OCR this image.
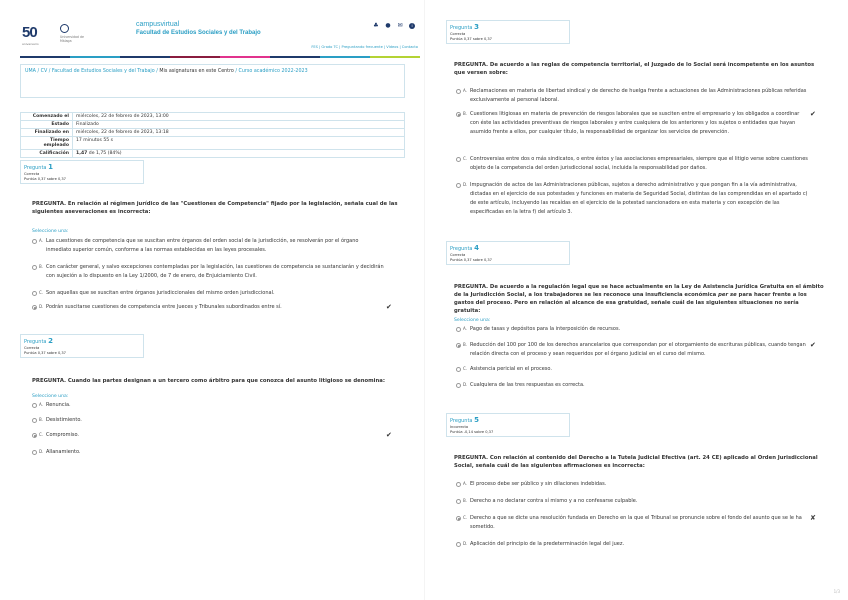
50
aniversario

Universidad de Málaga
campusvirtual
Facultad de Estudios Sociales y del Trabajo
♣ ● ✉	i
FES | Grado TC | Preguntando frecuente | Vídeos | Contacto
UMA / CV / Facultad de Estudios Sociales y del Trabajo / Mis asignaturas en este Centro / Curso académico 2022-2023
Comenzado el	miércoles, 22 de febrero de 2023, 13:00
Estado	Finalizado
Finalizado en	miércoles, 22 de febrero de 2023, 13:18
Tiempo empleado	17 minutos 55 s
Calificación	1,47 de 1,75 (84%)
Pregunta 1
Correcta
Puntúa 0,37 sobre 0,37
PREGUNTA. En relación al régimen jurídico de las "Cuestiones de Competencia" fijado por la legislación, señala cual de las siguientes aseveraciones es incorrecta:
Seleccione una:
A. Las cuestiones de competencia que se suscitan entre órganos del orden social de la jurisdicción, se resolverán por el órgano inmediato superior común, conforme a las normas establecidas en las leyes procesales.
B. Con carácter general, y salvo excepciones contempladas por la legislación, las cuestiones de competencia se sustanciarán y decidirán con sujeción a lo dispuesto en la Ley 1/2000, de 7 de enero, de Enjuiciamiento Civil.
C. Son aquellas que se suscitan entre órganos jurisdiccionales del mismo orden jurisdiccional.
D. Podrán suscitarse cuestiones de competencia entre Jueces y Tribunales subordinados entre sí.	✔
Pregunta 2
Correcta
Puntúa 0,37 sobre 0,37
PREGUNTA. Cuando las partes designan a un tercero como árbitro para que conozca del asunto litigioso se denomina:
Seleccione una:
A. Renuncia.
B. Desistimiento.
C. Compromiso.
D. Allanamiento.
✔
Pregunta 3
Correcta
Puntúa 0,37 sobre 0,37
PREGUNTA. De acuerdo a las reglas de competencia territorial, el Juzgado de lo Social será incompetente en los asuntos que versen sobre:
A. Reclamaciones en materia de libertad sindical y de derecho de huelga frente a actuaciones de las Administraciones públicas referidas exclusivamente al personal laboral.
B. Cuestiones litigiosas en materia de prevención de riesgos laborales que se susciten entre el empresario y los obligados a coordinar con éste las actividades preventivas de riesgos laborales y entre cualquiera de los anteriores y los sujetos o entidades que hayan asumido frente a ellos, por cualquier título, la responsabilidad de organizar los servicios de prevención.
C. Controversias entre dos o más sindicatos, o entre éstos y las asociaciones empresariales, siempre que el litigio verse sobre cuestiones objeto de la competencia del orden jurisdiccional social, incluida la responsabilidad por daños.
D. Impugnación de actos de las Administraciones públicas, sujetos a derecho administrativo y que pongan fin a la vía administrativa, dictadas en el ejercicio de sus potestades y funciones en materia de Seguridad Social, distintas de las comprendidas en el apartado c) de este artículo, incluyendo las recaídas en el ejercicio de la potestad sancionadora en esta materia y con excepción de las especificadas en la letra f) del artículo 3.
✔
Pregunta 4
Correcta
Puntúa 0,37 sobre 0,37
PREGUNTA. De acuerdo a la regulación legal que se hace actualmente en la Ley de Asistencia Jurídica Gratuita en el ámbito de la Jurisdicción Social, a los trabajadores se les reconoce una insuficiencia económica per se para hacer frente a los gastos del proceso. Pero en relación al alcance de esa gratuidad, señale cuál de las siguientes situaciones no sería gratuita:
Seleccione una:
A. Pago de tasas y depósitos para la interposición de recursos.
B. Reducción del 100 por 100 de los derechos arancelarios que correspondan por el otorgamiento de escrituras públicas, cuando tengan relación directa con el proceso y sean requeridos por el órgano judicial en el curso del mismo.
C. Asistencia pericial en el proceso.
D. Cualquiera de las tres respuestas es correcta.
✔
Pregunta 5
Incorrecta
Puntúa -0,14 sobre 0,37
PREGUNTA. Con relación al contenido del Derecho a la Tutela Judicial Efectiva (art. 24 CE) aplicado al Orden Jurisdiccional Social, señala cuál de las siguientes afirmaciones es incorrecta:
A. El proceso debe ser público y sin dilaciones indebidas.
B. Derecho a no declarar contra sí mismo y a no confesarse culpable.
C. Derecho a que se dicte una resolución fundada en Derecho en la que el Tribunal se pronuncie sobre el fondo del asunto que se le ha sometido.
D. Aplicación del principio de la predeterminación legal del juez.
✘
1/3
